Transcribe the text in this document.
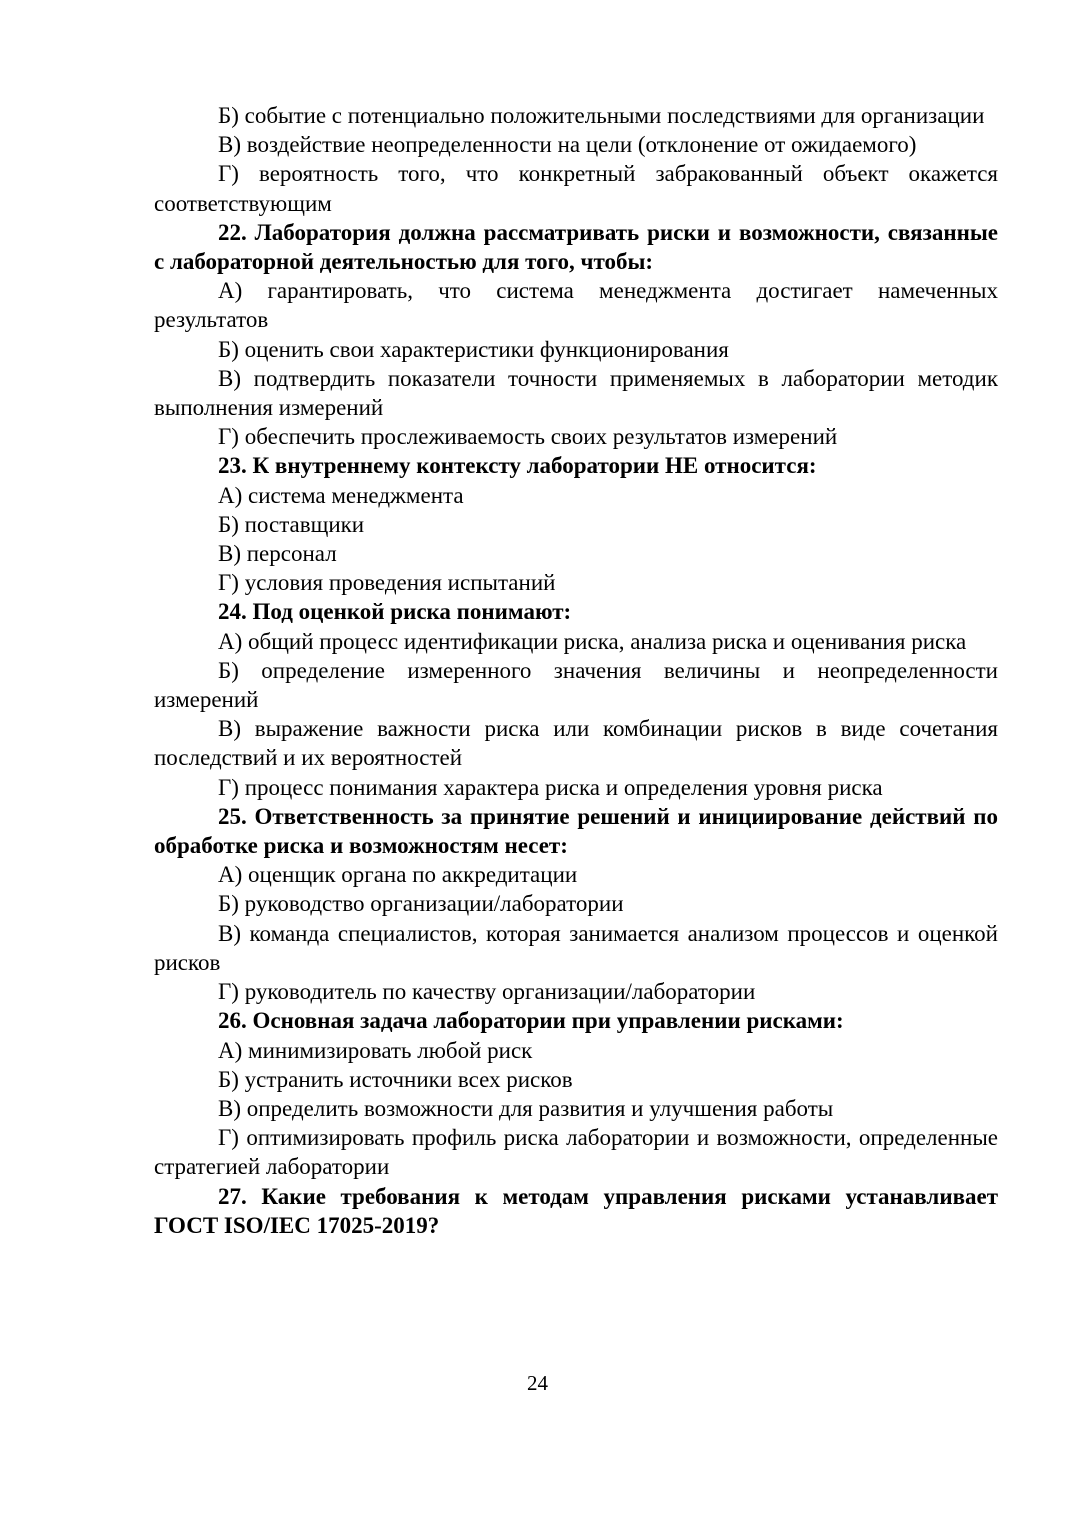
Б) событие с потенциально положительными последствиями для организации

В) воздействие неопределенности на цели (отклонение от ожидаемого)

Г) вероятность того, что конкретный забракованный объект окажется соответствующим

22. Лаборатория должна рассматривать риски и возможности, связанные с лабораторной деятельностью для того, чтобы:

А) гарантировать, что система менеджмента достигает намеченных результатов

Б) оценить свои характеристики функционирования

В) подтвердить показатели точности применяемых в лаборатории методик выполнения измерений

Г) обеспечить прослеживаемость своих результатов измерений

23. К внутреннему контексту лаборатории НЕ относится:

А) система менеджмента

Б) поставщики

В) персонал

Г) условия проведения испытаний

24. Под оценкой риска понимают:

А) общий процесс идентификации риска, анализа риска и оценивания риска

Б) определение измеренного значения величины и неопределенности измерений

В) выражение важности риска или комбинации рисков в виде сочетания последствий и их вероятностей

Г) процесс понимания характера риска и определения уровня риска

25. Ответственность за принятие решений и инициирование действий по обработке риска и возможностям несет:

А) оценщик органа по аккредитации

Б) руководство организации/лаборатории

В) команда специалистов, которая занимается анализом процессов и оценкой рисков

Г) руководитель по качеству организации/лаборатории

26. Основная задача лаборатории при управлении рисками:

А) минимизировать любой риск

Б) устранить источники всех рисков

В) определить возможности для развития и улучшения работы

Г) оптимизировать профиль риска лаборатории и возможности, определенные стратегией лаборатории

27. Какие требования к методам управления рисками устанавливает ГОСТ ISO/IEC 17025-2019?

24
